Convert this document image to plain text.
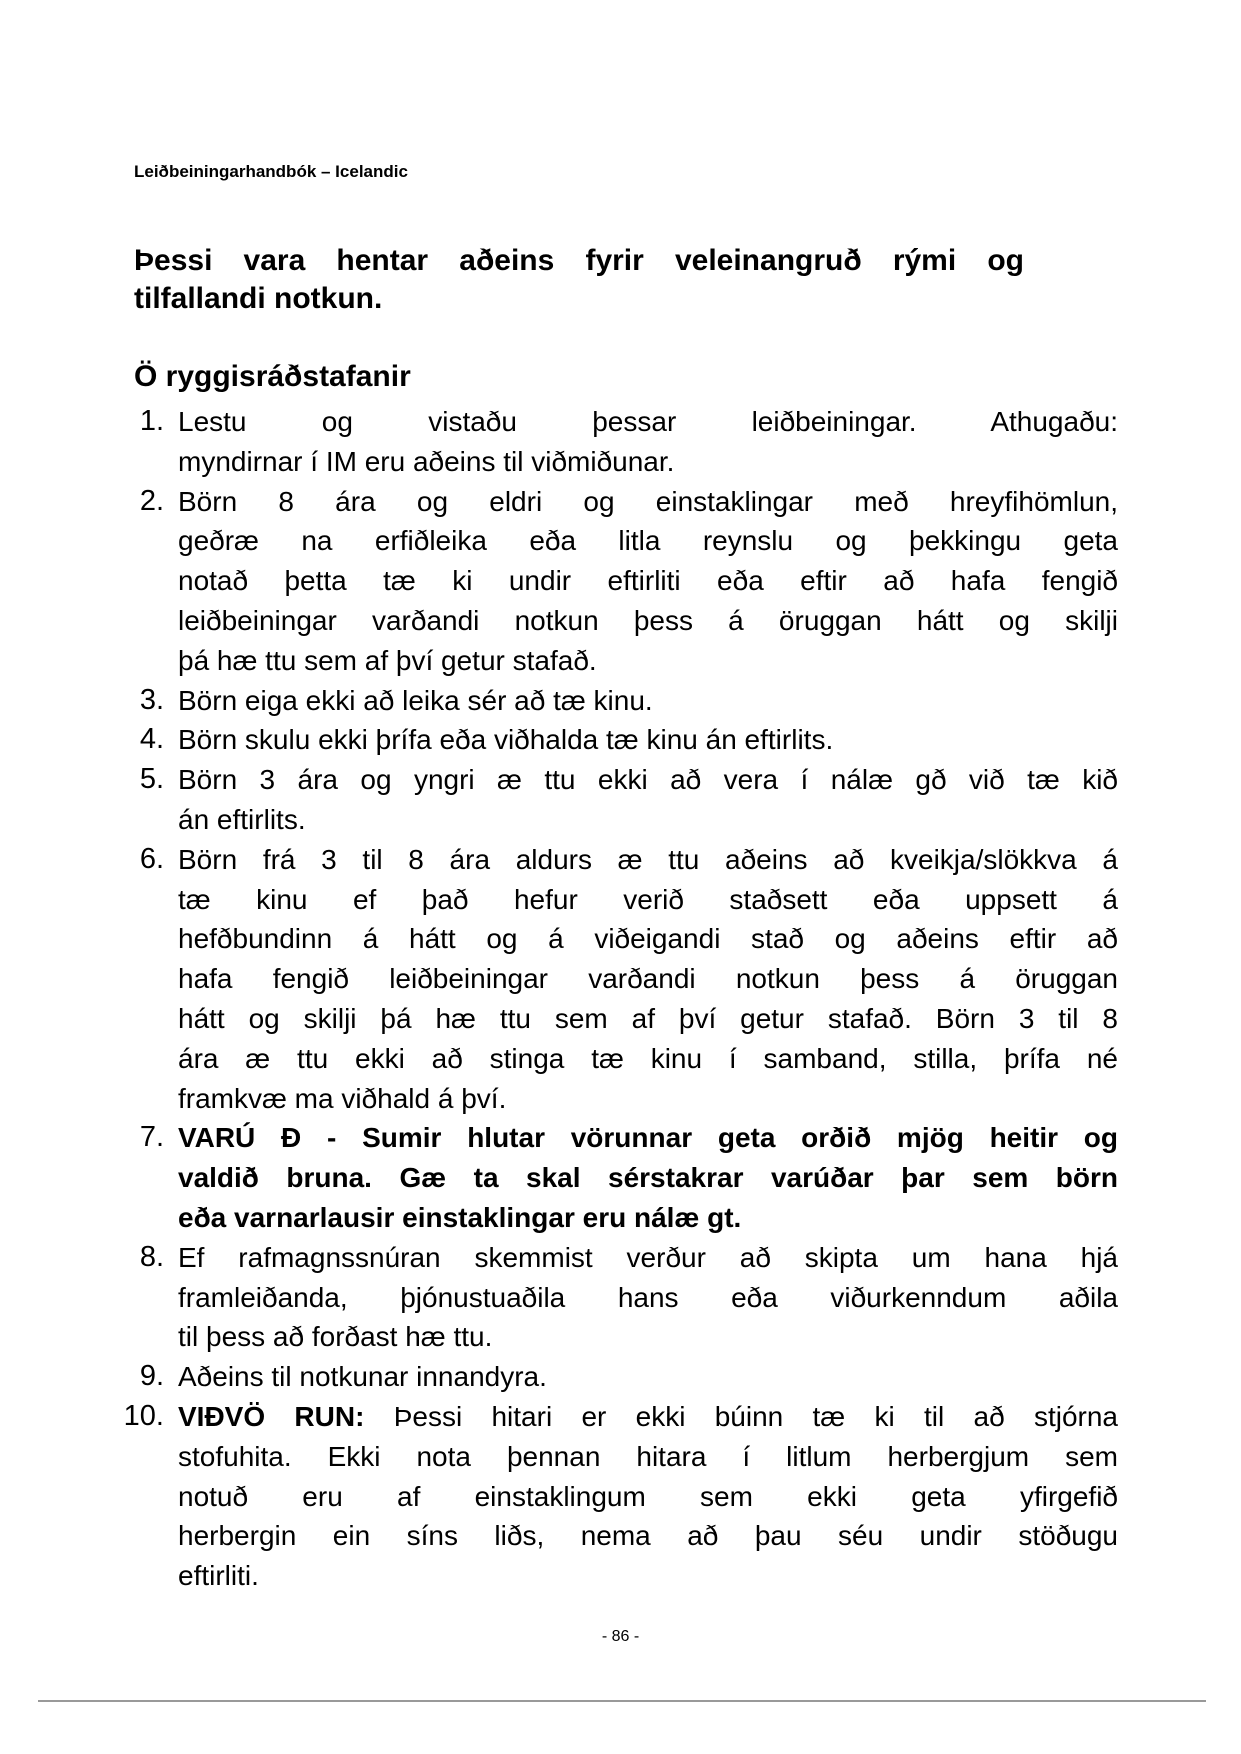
Leiðbeiningarhandbók – Icelandic
Þessi vara hentar aðeins fyrir veleinangruð rými og
tilfallandi notkun.
Ö ryggisráðstafanir
1. Lestu og vistaðu þessar leiðbeiningar. Athugaðu:
myndirnar í IM eru aðeins til viðmiðunar.
2. Börn 8 ára og eldri og einstaklingar með hreyfihömlun,
geðræ na erfiðleika eða litla reynslu og þekkingu geta
notað þetta tæ ki undir eftirliti eða eftir að hafa fengið
leiðbeiningar varðandi notkun þess á öruggan hátt og skilji
þá hæ ttu sem af því getur stafað.
3. Börn eiga ekki að leika sér að tæ kinu.
4. Börn skulu ekki þrífa eða viðhalda tæ kinu án eftirlits.
5. Börn 3 ára og yngri æ ttu ekki að vera í nálæ gð við tæ kið
án eftirlits.
6. Börn frá 3 til 8 ára aldurs æ ttu aðeins að kveikja/slökkva á
tæ kinu ef það hefur verið staðsett eða uppsett á
hefðbundinn á hátt og á viðeigandi stað og aðeins eftir að
hafa fengið leiðbeiningar varðandi notkun þess á öruggan
hátt og skilji þá hæ ttu sem af því getur stafað. Börn 3 til 8
ára æ ttu ekki að stinga tæ kinu í samband, stilla, þrífa né
framkvæ ma viðhald á því.
7. VARÚ Ð - Sumir hlutar vörunnar geta orðið mjög heitir og
valdið bruna. Gæ ta skal sérstakrar varúðar þar sem börn
eða varnarlausir einstaklingar eru nálæ gt.
8. Ef rafmagnssnúran skemmist verður að skipta um hana hjá
framleiðanda, þjónustuaðila hans eða viðurkenndum aðila
til þess að forðast hæ ttu.
9. Aðeins til notkunar innandyra.
10. VIÐVÖ RUN: Þessi hitari er ekki búinn tæ ki til að stjórna
stofuhita. Ekki nota þennan hitara í litlum herbergjum sem
notuð eru af einstaklingum sem ekki geta yfirgefið
herbergin ein síns liðs, nema að þau séu undir stöðugu
eftirliti.
- 86 -
